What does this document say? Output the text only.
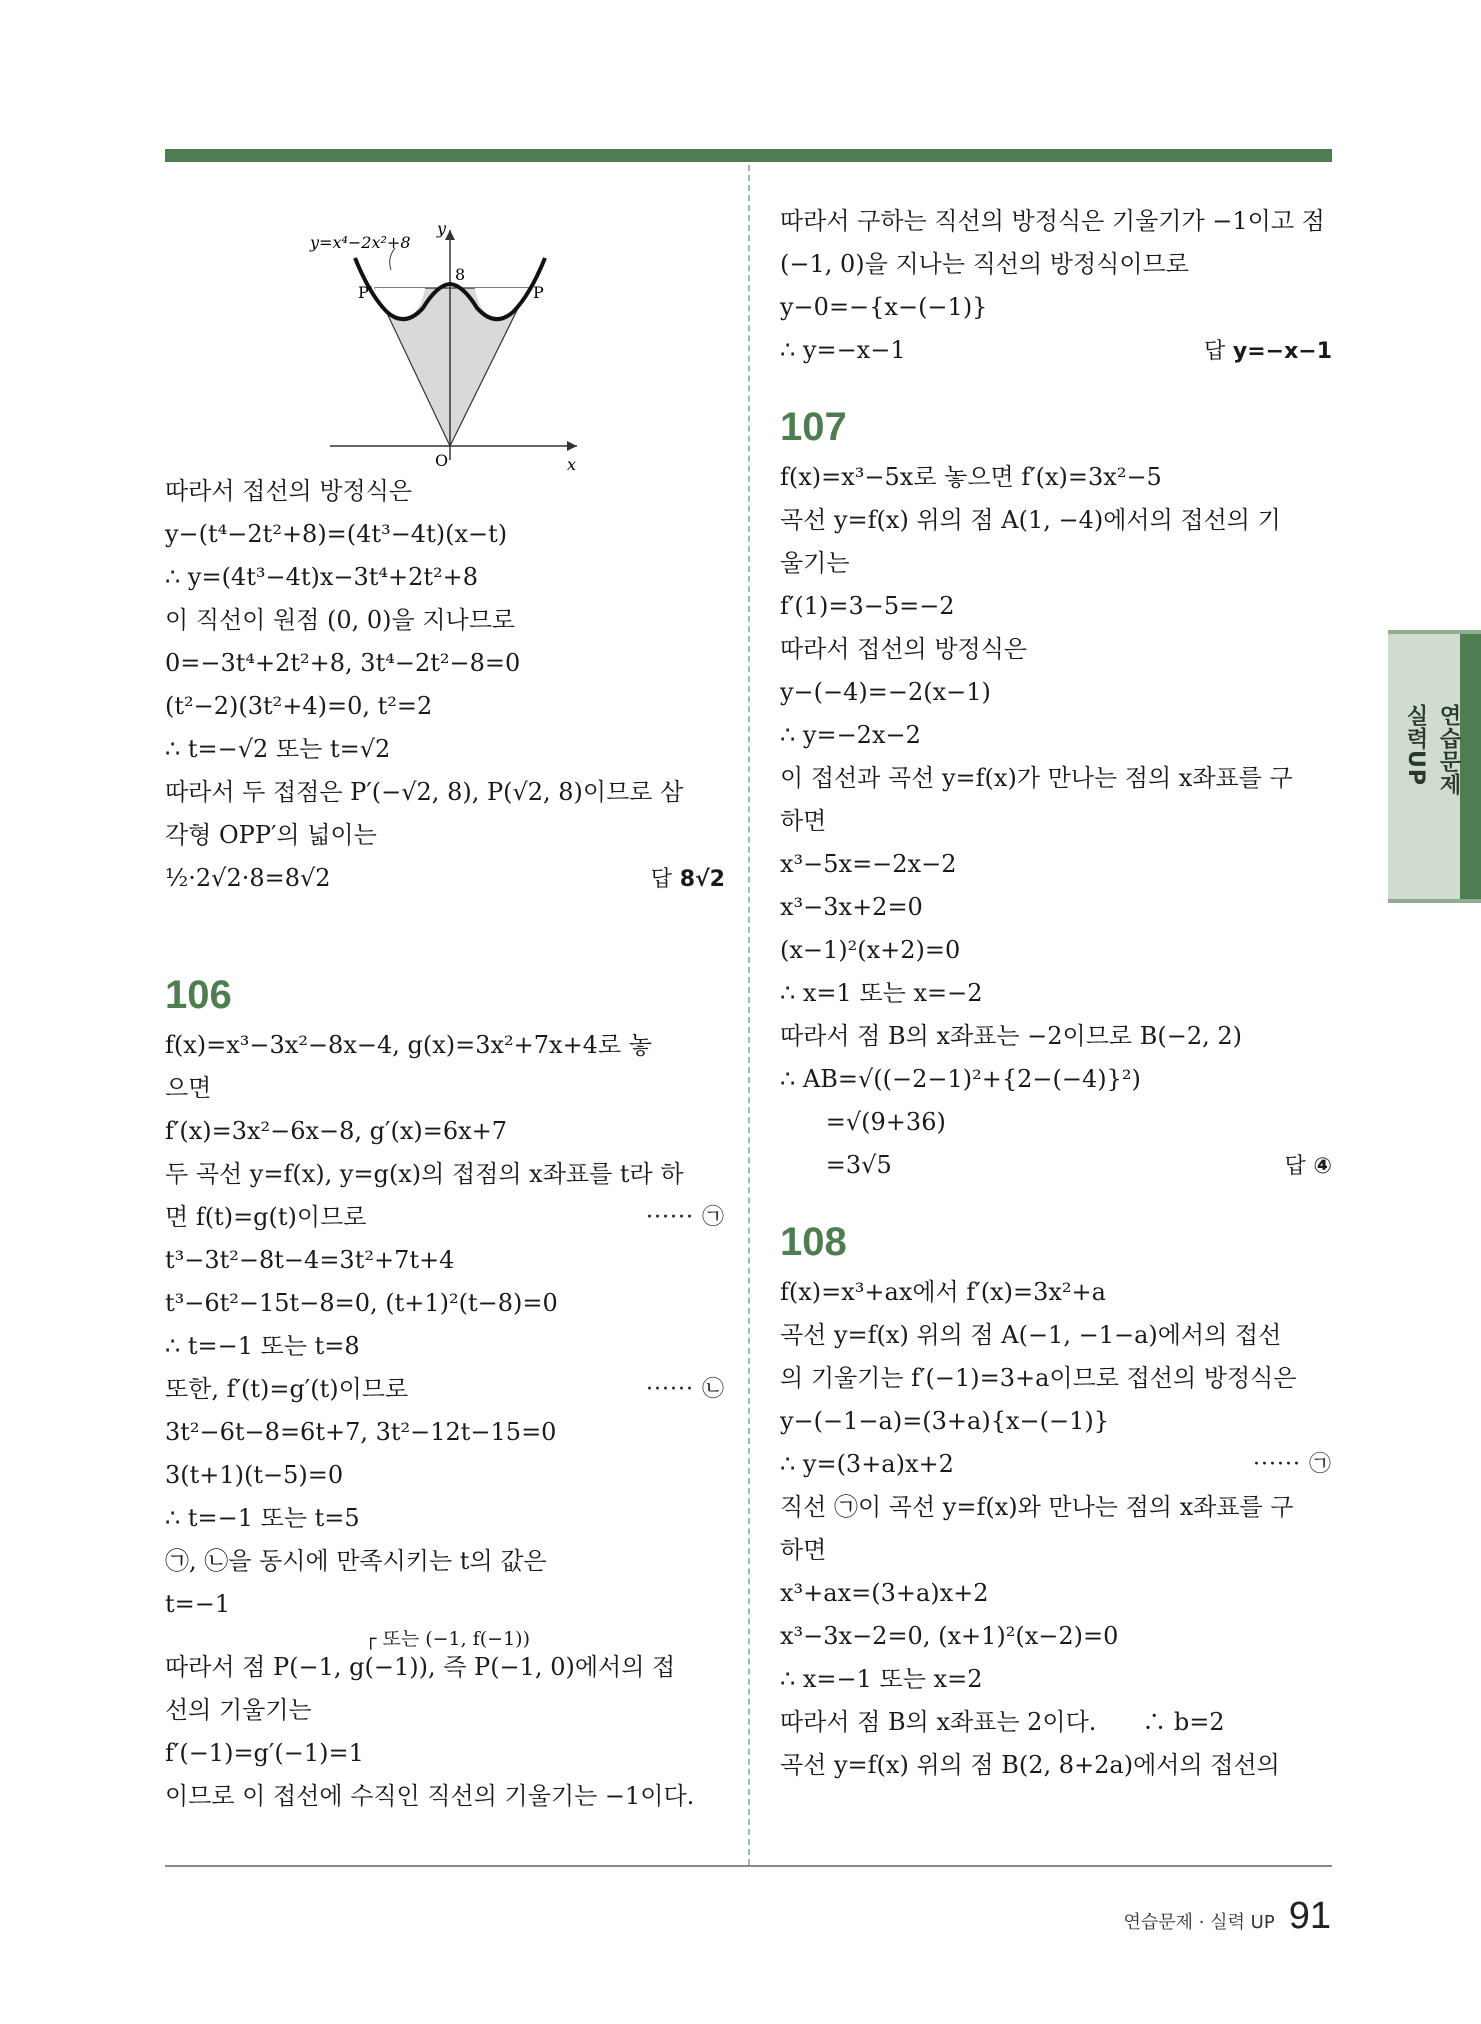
y=x⁴−2x²+8
y
x
O
8
P′	P
따라서 접선의 방정식은
y−(t⁴−2t²+8)=(4t³−4t)(x−t)
∴ y=(4t³−4t)x−3t⁴+2t²+8
이 직선이 원점 (0, 0)을 지나므로
0=−3t⁴+2t²+8, 3t⁴−2t²−8=0
(t²−2)(3t²+4)=0, t²=2
∴ t=−√2 또는 t=√2
따라서 두 접점은 P′(−√2, 8), P(√2, 8)이므로 삼
각형 OPP′의 넓이는
½·2√2·8=8√2	답 8√2
106
f(x)=x³−3x²−8x−4, g(x)=3x²+7x+4로 놓
으면
f′(x)=3x²−6x−8, g′(x)=6x+7
두 곡선 y=f(x), y=g(x)의 접점의 x좌표를 t라 하
면 f(t)=g(t)이므로	······ ㉠
t³−3t²−8t−4=3t²+7t+4
t³−6t²−15t−8=0, (t+1)²(t−8)=0
∴ t=−1 또는 t=8
또한, f′(t)=g′(t)이므로	······ ㉡
3t²−6t−8=6t+7, 3t²−12t−15=0
3(t+1)(t−5)=0
∴ t=−1 또는 t=5
㉠, ㉡을 동시에 만족시키는 t의 값은
t=−1
┌ 또는 (−1, f(−1))
따라서 점 P(−1, g(−1)), 즉 P(−1, 0)에서의 접
선의 기울기는
f′(−1)=g′(−1)=1
이므로 이 접선에 수직인 직선의 기울기는 −1이다.
따라서 구하는 직선의 방정식은 기울기가 −1이고 점
(−1, 0)을 지나는 직선의 방정식이므로
y−0=−{x−(−1)}
∴ y=−x−1	답 y=−x−1
107
f(x)=x³−5x로 놓으면 f′(x)=3x²−5
곡선 y=f(x) 위의 점 A(1, −4)에서의 접선의 기
울기는
f′(1)=3−5=−2
따라서 접선의 방정식은
y−(−4)=−2(x−1)
∴ y=−2x−2
이 접선과 곡선 y=f(x)가 만나는 점의 x좌표를 구
하면
x³−5x=−2x−2
x³−3x+2=0
(x−1)²(x+2)=0
∴ x=1 또는 x=−2
따라서 점 B의 x좌표는 −2이므로 B(−2, 2)
∴ AB=√((−2−1)²+{2−(−4)}²)
=√(9+36)
=3√5	답 ④
108
f(x)=x³+ax에서 f′(x)=3x²+a
곡선 y=f(x) 위의 점 A(−1, −1−a)에서의 접선
의 기울기는 f′(−1)=3+a이므로 접선의 방정식은
y−(−1−a)=(3+a){x−(−1)}
∴ y=(3+a)x+2	······ ㉠
직선 ㉠이 곡선 y=f(x)와 만나는 점의 x좌표를 구
하면
x³+ax=(3+a)x+2
x³−3x−2=0, (x+1)²(x−2)=0
∴ x=−1 또는 x=2
따라서 점 B의 x좌표는 2이다.      ∴ b=2
곡선 y=f(x) 위의 점 B(2, 8+2a)에서의 접선의
연습문제
실력UP
연습문제 · 실력 UP 91
